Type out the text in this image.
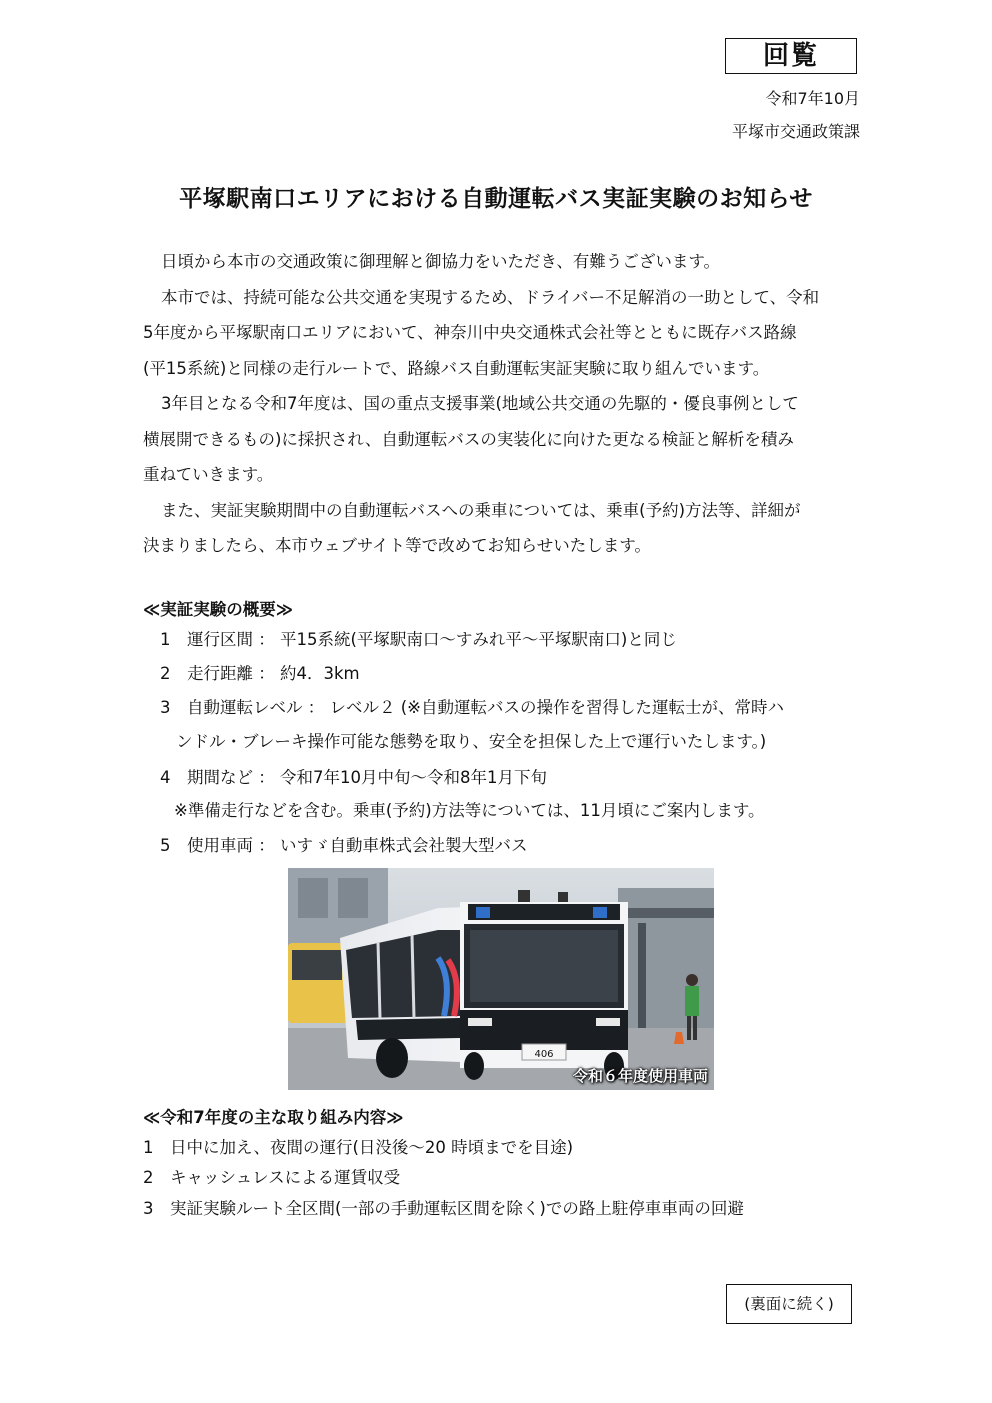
回覧
令和7年10月
平塚市交通政策課
平塚駅南口エリアにおける自動運転バス実証実験のお知らせ
日頃から本市の交通政策に御理解と御協力をいただき、有難うございます。
本市では、持続可能な公共交通を実現するため、ドライバー不足解消の一助として、令和
5年度から平塚駅南口エリアにおいて、神奈川中央交通株式会社等とともに既存バス路線
(平15系統)と同様の走行ルートで、路線バス自動運転実証実験に取り組んでいます。
3年目となる令和7年度は、国の重点支援事業(地域公共交通の先駆的・優良事例として
横展開できるもの)に採択され、自動運転バスの実装化に向けた更なる検証と解析を積み
重ねていきます。
また、実証実験期間中の自動運転バスへの乗車については、乗車(予約)方法等、詳細が
決まりましたら、本市ウェブサイト等で改めてお知らせいたします。
≪実証実験の概要≫
1　運行区間 ： 平15系統(平塚駅南口～すみれ平～平塚駅南口)と同じ
2　走行距離 ： 約4．3km
3　自動運転レベル ： レベル２ (※自動運転バスの操作を習得した運転士が、常時ハ
ンドル・ブレーキ操作可能な態勢を取り、安全を担保した上で運行いたします。)
4　期間など ： 令和7年10月中旬～令和8年1月下旬
※準備走行などを含む。乗車(予約)方法等については、11月頃にご案内します。
5　使用車両 ： いすゞ自動車株式会社製大型バス
406
令和６年度使用車両
≪令和7年度の主な取り組み内容≫
1　日中に加え、夜間の運行(日没後～20 時頃までを目途)
2　キャッシュレスによる運賃収受
3　実証実験ルート全区間(一部の手動運転区間を除く)での路上駐停車車両の回避
(裏面に続く)
